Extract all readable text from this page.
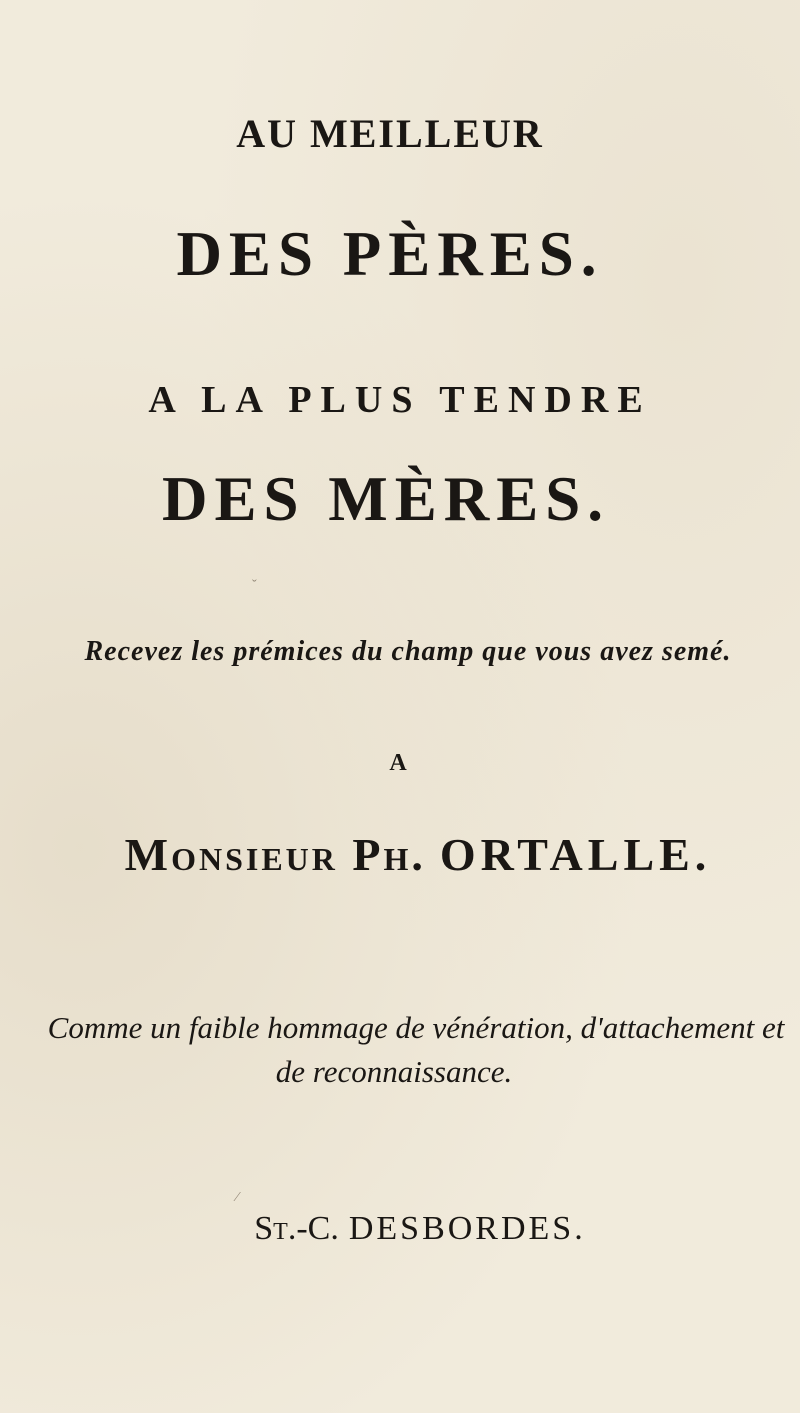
AU MEILLEUR

DES PÈRES.

A LA PLUS TENDRE

DES MÈRES.

Recevez les prémices du champ que vous avez semé.

A

Monsieur Ph. ORTALLE.

Comme un faible hommage de vénération, d'attachement et

de reconnaissance.

St.-C. DESBORDES.

ˇ
⁄
